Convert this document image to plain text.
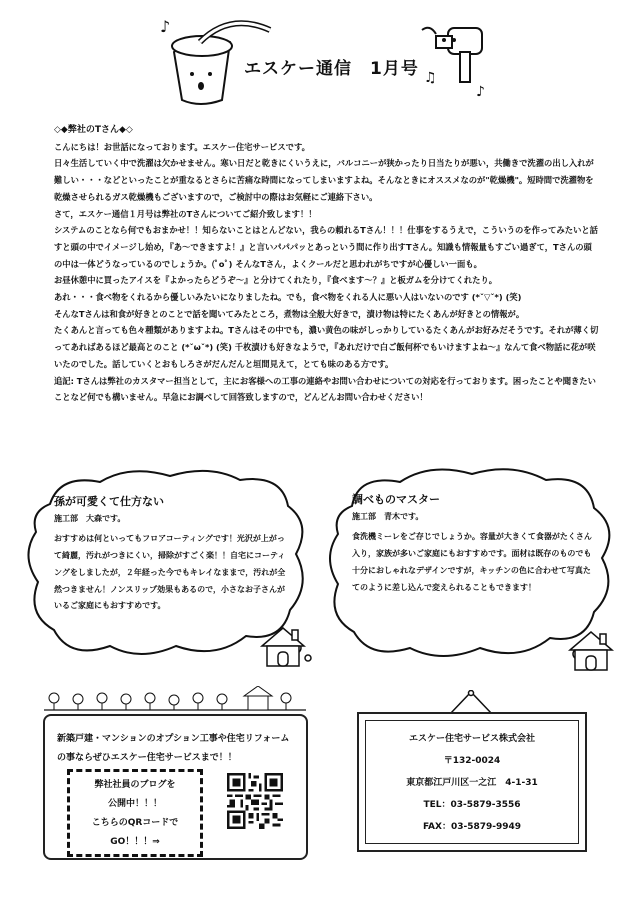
♪
♫
♪
エスケー通信　1月号

◇◆弊社のTさん◆◇

こんにちは！お世話になっております。エスケー住宅サービスです。

日々生活していく中で洗濯は欠かせません。寒い日だと乾きにくいうえに，バルコニーが狭かったり日当たりが悪い，共働きで洗濯の出し入れが難しい・・・などといったことが重なるとさらに苦痛な時間になってしまいますよね。そんなときにオススメなのが"乾燥機"。短時間で洗濯物を乾燥させられるガス乾燥機もございますので，ご検討中の際はお気軽にご連絡下さい。

さて，エスケー通信１月号は弊社のTさんについてご紹介致します！！

システムのことなら何でもおまかせ！！知らないことはとんどない，我らの頼れるTさん！！！仕事をするうえで，こういうのを作ってみたいと話すと頭の中でイメージし始め，『あ〜できますよ！』と言いパパパッとあっという間に作り出すTさん。知識も情報量もすごい過ぎて，Tさんの頭の中は一体どうなっているのでしょうか。(ﾟoﾟ) そんなTさん，よくクールだと思われがちですが心優しい一面も。

お昼休憩中に買ったアイスを『よかったらどうぞ〜』と分けてくれたり，『食べます〜？』と板ガムを分けてくれたり。

あれ・・・食べ物をくれるから優しいみたいになりましたね。でも，食べ物をくれる人に悪い人はいないのです (*ˇ▽ˇ*) (笑)

そんなTさんは和食が好きとのことで話を聞いてみたところ，煮物は全般大好きで，漬け物は特にたくあんが好きとの情報が。

たくあんと言っても色々種類がありますよね。Tさんはその中でも，濃い黄色の味がしっかりしているたくあんがお好みだそうです。それが薄く切ってあればあるほど最高とのこと (*ˇωˇ*) (笑) 千枚漬けも好きなようで，『あれだけで白ご飯何杯でもいけますよね〜』なんて食べ物話に花が咲いたのでした。話していくとおもしろさがだんだんと垣間見えて，とても味のある方です。

追記: Tさんは弊社のカスタマー担当として，主にお客様への工事の連絡やお問い合わせについての対応を行っております。困ったことや聞きたいことなど何でも構いません。早急にお調べして回答致しますので，どんどんお問い合わせください！

孫が可愛くて仕方ない
施工部　大森です。
おすすめは何といってもフロアコーティングです！光沢が上がって綺麗，汚れがつきにくい，掃除がすごく楽！！自宅にコーティングをしましたが，２年経った今でもキレイなままで，汚れが全然つきません！ノンスリップ効果もあるので，小さなお子さんがいるご家庭にもおすすめです。
調べものマスター
施工部　青木です。
食洗機ミーレをご存じでしょうか。容量が大きくて食器がたくさん入り，家族が多いご家庭にもおすすめです。面材は既存のものでも十分におしゃれなデザインですが，キッチンの色に合わせて写真たてのように差し込んで変えられることもできます！
新築戸建・マンションのオプション工事や住宅リフォームの事ならぜひエスケー住宅サービスまで！！
弊社社員のブログを
公開中！！！
こちらのQRコードで
GO！！！⇒
エスケー住宅サービス株式会社
〒132-0024
東京都江戸川区一之江　4-1-31
TEL：03-5879-3556
FAX：03-5879-9949
